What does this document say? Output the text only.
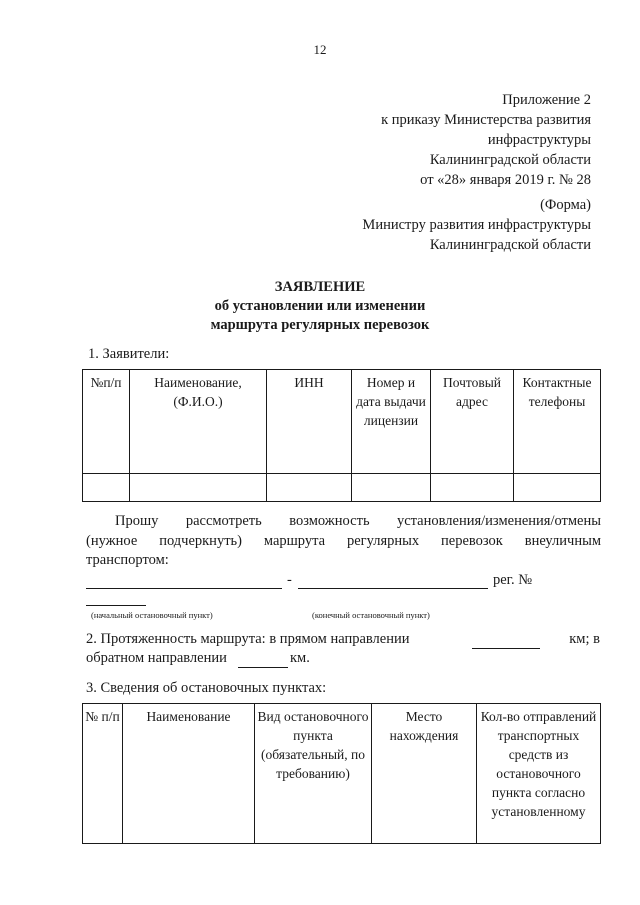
12
Приложение 2
к приказу Министерства развития
инфраструктуры
Калининградской области
от «28» января 2019 г. № 28
(Форма)
Министру развития инфраструктуры
Калининградской области
ЗАЯВЛЕНИЕ
об установлении или изменении
маршрута регулярных перевозок
1. Заявители:
№п/п	Наименование, (Ф.И.О.)	ИНН	Номер и дата выдачи лицензии	Почтовый адрес	Контактные телефоны

Прошу рассмотреть возможность установления/изменения/отмены
(нужное подчеркнуть) маршрута регулярных перевозок внеуличным
транспортом:
-	рег. №
(начальный остановочный пункт)	(конечный остановочный пункт)
2. Протяженность маршрута: в прямом направлении	км; в
обратном направлении	км.
3. Сведения об остановочных пунктах:
№ п/п	Наименование	Вид остановочного пункта (обязательный, по требованию)	Место нахождения	Кол-во отправлений транспортных средств из остановочного пункта согласно установленному
